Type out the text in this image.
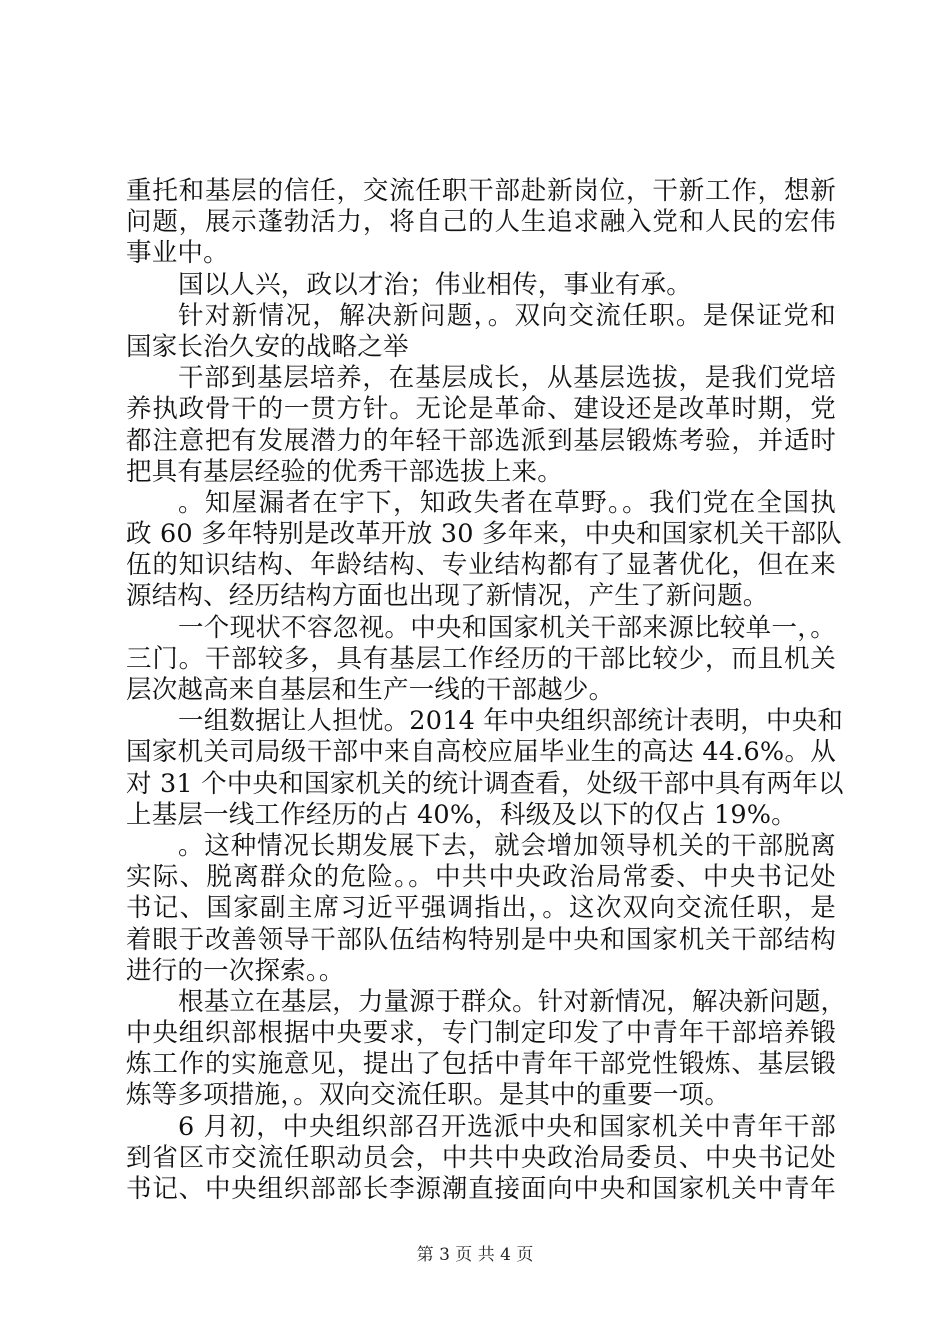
重托和基层的信任，交流任职干部赴新岗位，干新工作，想新
问题，展示蓬勃活力，将自己的人生追求融入党和人民的宏伟
事业中。
国以人兴，政以才治；伟业相传，事业有承。
针对新情况，解决新问题，。双向交流任职。是保证党和
国家长治久安的战略之举
干部到基层培养，在基层成长，从基层选拔，是我们党培
养执政骨干的一贯方针。无论是革命、建设还是改革时期，党
都注意把有发展潜力的年轻干部选派到基层锻炼考验，并适时
把具有基层经验的优秀干部选拔上来。
。知屋漏者在宇下，知政失者在草野。。我们党在全国执
政 60 多年特别是改革开放 30 多年来，中央和国家机关干部队
伍的知识结构、年龄结构、专业结构都有了显著优化，但在来
源结构、经历结构方面也出现了新情况，产生了新问题。
一个现状不容忽视。中央和国家机关干部来源比较单一，。
三门。干部较多，具有基层工作经历的干部比较少，而且机关
层次越高来自基层和生产一线的干部越少。
一组数据让人担忧。2014 年中央组织部统计表明，中央和
国家机关司局级干部中来自高校应届毕业生的高达 44.6%。从
对 31 个中央和国家机关的统计调查看，处级干部中具有两年以
上基层一线工作经历的占 40%，科级及以下的仅占 19%。
。这种情况长期发展下去，就会增加领导机关的干部脱离
实际、脱离群众的危险。。中共中央政治局常委、中央书记处
书记、国家副主席习近平强调指出，。这次双向交流任职，是
着眼于改善领导干部队伍结构特别是中央和国家机关干部结构
进行的一次探索。。
根基立在基层，力量源于群众。针对新情况，解决新问题，
中央组织部根据中央要求，专门制定印发了中青年干部培养锻
炼工作的实施意见，提出了包括中青年干部党性锻炼、基层锻
炼等多项措施，。双向交流任职。是其中的重要一项。
6 月初，中央组织部召开选派中央和国家机关中青年干部
到省区市交流任职动员会，中共中央政治局委员、中央书记处
书记、中央组织部部长李源潮直接面向中央和国家机关中青年
第 3 页 共 4 页
